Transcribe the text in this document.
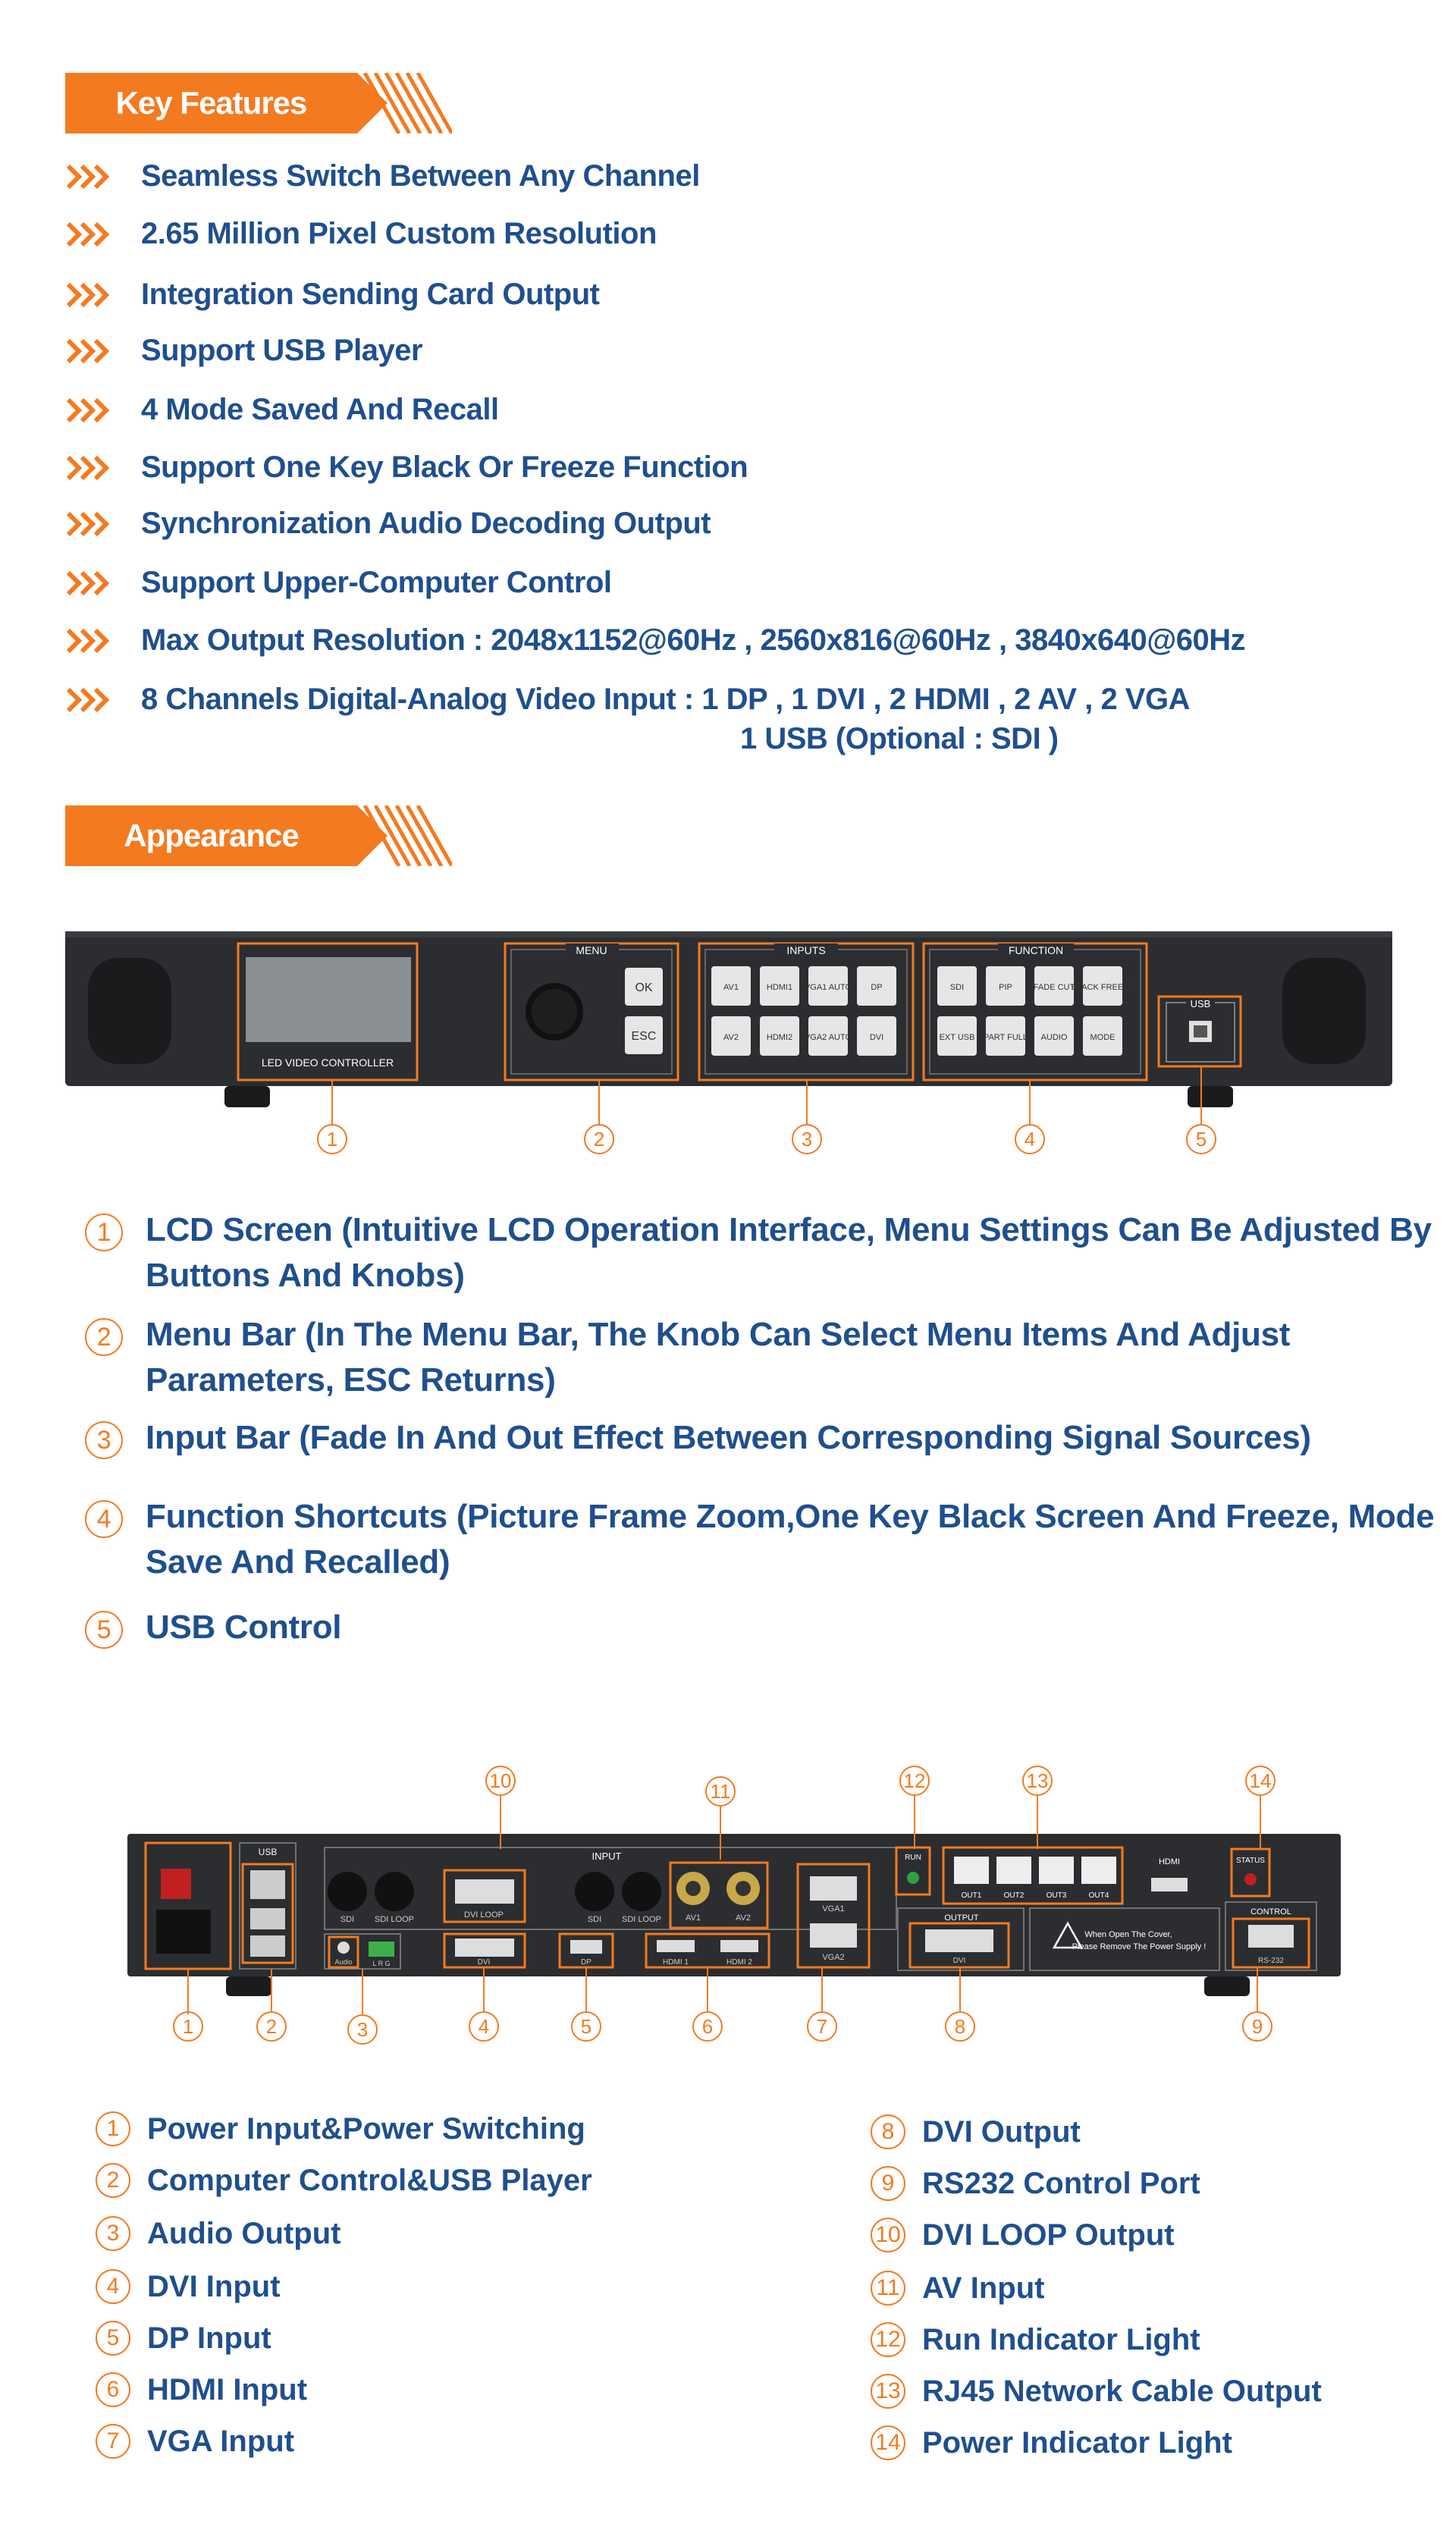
Key Features
Seamless Switch Between Any Channel
2.65 Million Pixel Custom Resolution
Integration Sending Card Output
Support USB Player
4 Mode Saved And Recall
Support One Key Black Or Freeze Function
Synchronization Audio Decoding Output
Support Upper-Computer Control
Max Output Resolution : 2048x1152@60Hz , 2560x816@60Hz , 3840x640@60Hz
8 Channels Digital-Analog Video Input : 1 DP , 1 DVI , 2 HDMI , 2 AV , 2 VGA
1 USB (Optional : SDI )
Appearance
LED VIDEO CONTROLLER
MENU
OK
ESC
INPUTS
AV1	HDMI1 VGA1 AUTO DP
AV2	HDMI2 VGA2 AUTO DVI
FUNCTION
SDI	PIP	FADE CUT
BLACK FREEZE
EXT USB PART FULL AUDIO	MODE
USB
1	2	3	4	5
1	LCD Screen (Intuitive LCD Operation Interface, Menu Settings Can Be Adjusted By Buttons And Knobs)
2	Menu Bar (In The Menu Bar, The Knob Can Select Menu Items And Adjust Parameters, ESC Returns)
3	Input Bar (Fade In And Out Effect Between Corresponding Signal Sources)
4	Function Shortcuts (Picture Frame Zoom,One Key Black Screen And Freeze, Mode Save And Recalled)
5	USB Control
USB	INPUT
SDI SDI LOOP	DVI LOOP	SDI SDI LOOP	AV1	AV2
VGA1
VGA2
Audio	L R G	DVI	DP	HDMI 1	HDMI 2
RUN
OUT1	OUT2	OUT3	OUT4
HDMI	STATUS
OUTPUT
DVI
When Open The Cover,
Please Remove The Power Supply !
CONTROL
RS-232
1	2	3	4	5	6	7	8	9
10	11	12	13	14
1 Power Input&Power Switching
2 Computer Control&USB Player
3 Audio Output
4 DVI Input
5 DP Input
6 HDMI Input
7 VGA Input
8 DVI Output
9 RS232 Control Port
10 DVI LOOP Output
11 AV Input
12 Run Indicator Light
13 RJ45 Network Cable Output
14 Power Indicator Light
